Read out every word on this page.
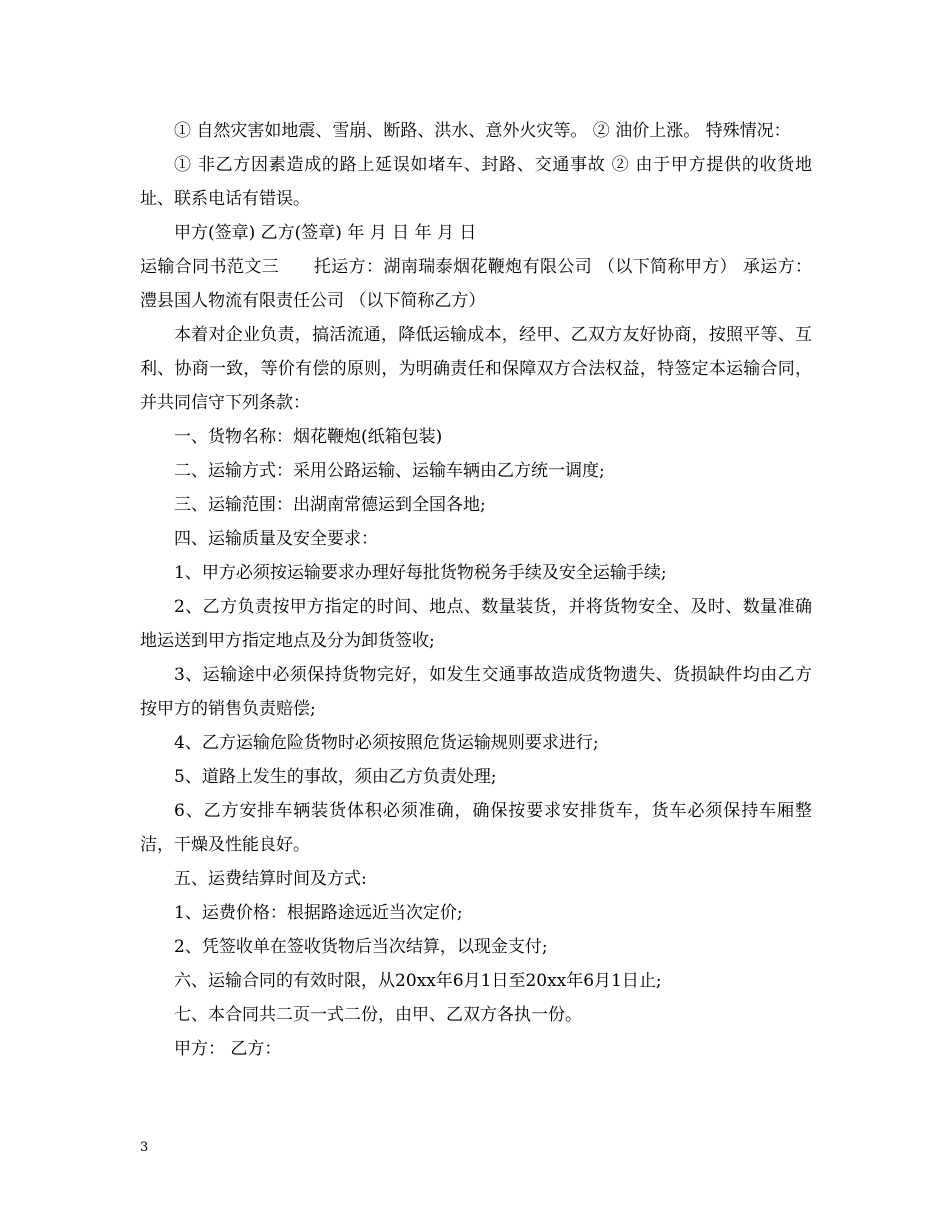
① 自然灾害如地震、雪崩、断路、洪水、意外火灾等。 ② 油价上涨。 特殊情况：

① 非乙方因素造成的路上延误如堵车、封路、交通事故 ② 由于甲方提供的收货地址、联系电话有错误。

甲方(签章) 乙方(签章) 年 月 日 年 月 日

运输合同书范文三　　托运方：湖南瑞泰烟花鞭炮有限公司 （以下简称甲方） 承运方：澧县国人物流有限责任公司 （以下简称乙方）

本着对企业负责，搞活流通，降低运输成本，经甲、乙双方友好协商，按照平等、互利、协商一致，等价有偿的原则，为明确责任和保障双方合法权益，特签定本运输合同，并共同信守下列条款：

一、货物名称：烟花鞭炮(纸箱包装)

二、运输方式：采用公路运输、运输车辆由乙方统一调度;

三、运输范围：出湖南常德运到全国各地;

四、运输质量及安全要求：

1、甲方必须按运输要求办理好每批货物税务手续及安全运输手续;

2、乙方负责按甲方指定的时间、地点、数量装货，并将货物安全、及时、数量准确地运送到甲方指定地点及分为卸货签收;

3、运输途中必须保持货物完好，如发生交通事故造成货物遗失、货损缺件均由乙方按甲方的销售负责赔偿;

4、乙方运输危险货物时必须按照危货运输规则要求进行;

5、道路上发生的事故，须由乙方负责处理;

6、乙方安排车辆装货体积必须准确，确保按要求安排货车，货车必须保持车厢整洁，干燥及性能良好。

五、运费结算时间及方式:

1、运费价格：根据路途远近当次定价;

2、凭签收单在签收货物后当次结算，以现金支付;

六、运输合同的有效时限，从20xx年6月1日至20xx年6月1日止;

七、本合同共二页一式二份，由甲、乙双方各执一份。

甲方： 乙方：

3
